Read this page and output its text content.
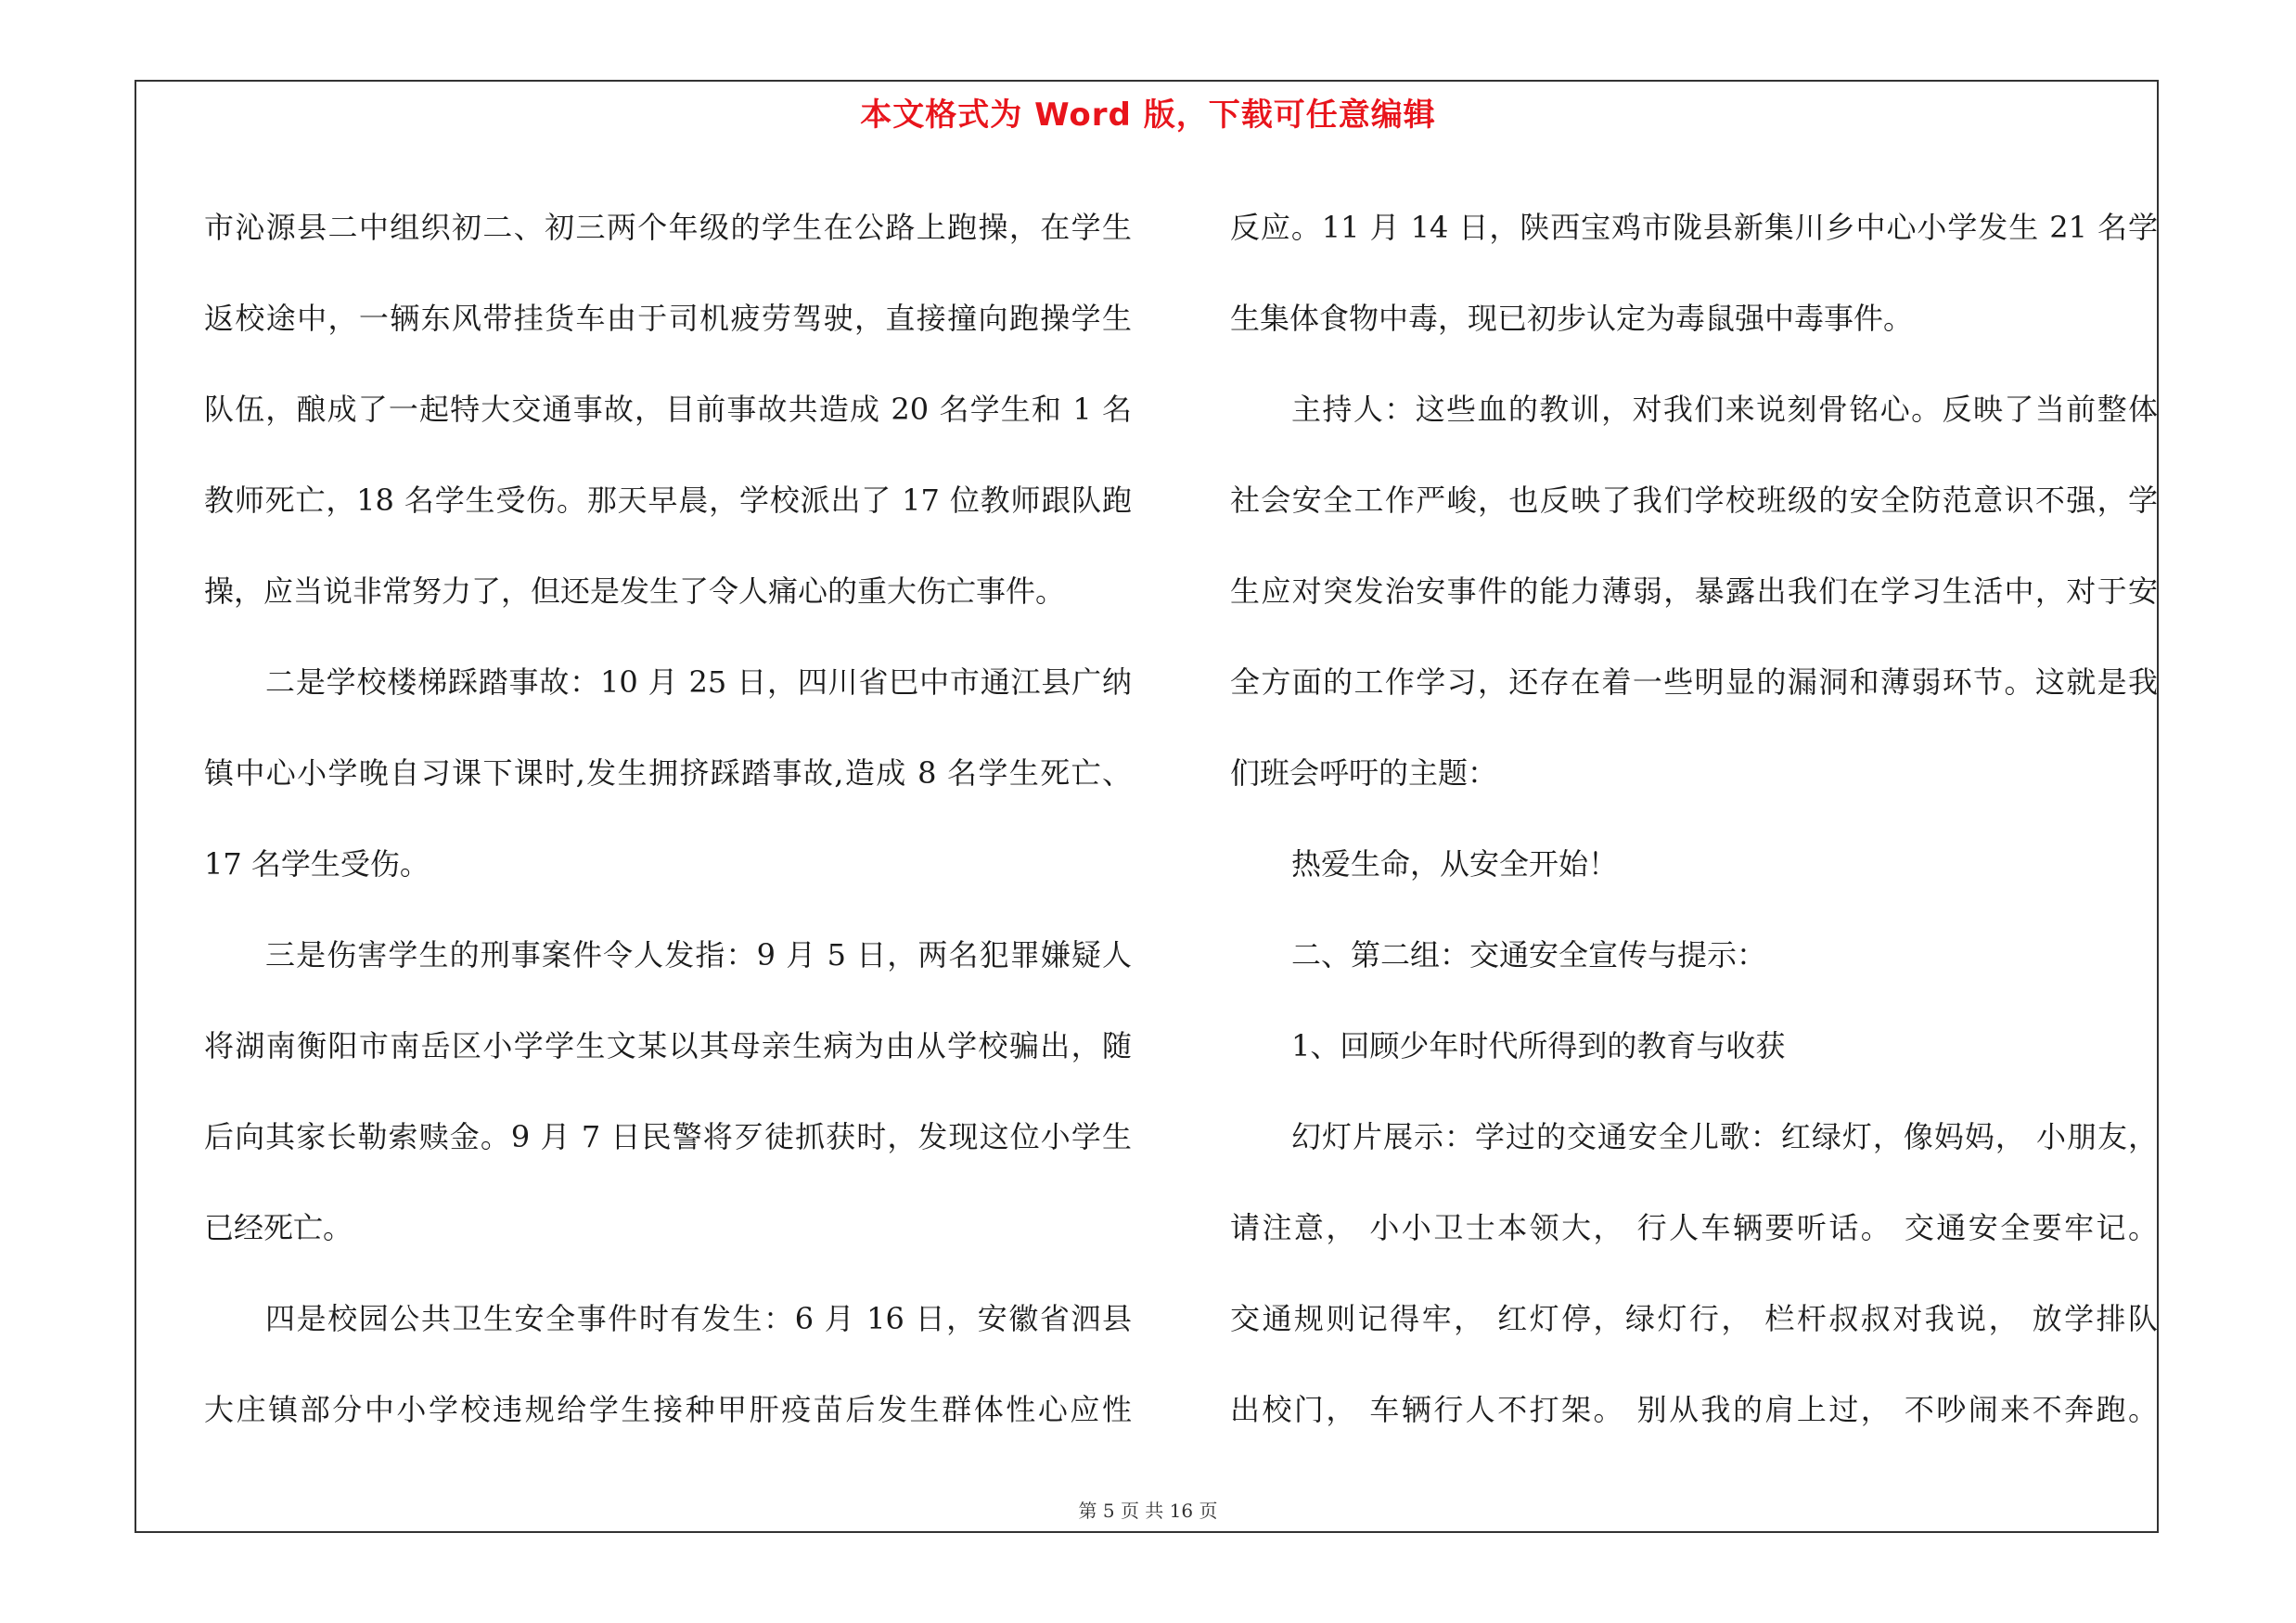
本文格式为 Word 版，下载可任意编辑
市沁源县二中组织初二、初三两个年级的学生在公路上跑操，在学生
返校途中，一辆东风带挂货车由于司机疲劳驾驶，直接撞向跑操学生
队伍，酿成了一起特大交通事故，目前事故共造成 20 名学生和 1 名
教师死亡，18 名学生受伤。那天早晨，学校派出了 17 位教师跟队跑
操，应当说非常努力了，但还是发生了令人痛心的重大伤亡事件。
二是学校楼梯踩踏事故：10 月 25 日，四川省巴中市通江县广纳
镇中心小学晚自习课下课时,发生拥挤踩踏事故,造成 8 名学生死亡、
17 名学生受伤。
三是伤害学生的刑事案件令人发指：9 月 5 日，两名犯罪嫌疑人
将湖南衡阳市南岳区小学学生文某以其母亲生病为由从学校骗出，随
后向其家长勒索赎金。9 月 7 日民警将歹徒抓获时，发现这位小学生
已经死亡。
四是校园公共卫生安全事件时有发生：6 月 16 日，安徽省泗县
大庄镇部分中小学校违规给学生接种甲肝疫苗后发生群体性心应性
反应。11 月 14 日，陕西宝鸡市陇县新集川乡中心小学发生 21 名学
生集体食物中毒，现已初步认定为毒鼠强中毒事件。
主持人：这些血的教训，对我们来说刻骨铭心。反映了当前整体
社会安全工作严峻，也反映了我们学校班级的安全防范意识不强，学
生应对突发治安事件的能力薄弱，暴露出我们在学习生活中，对于安
全方面的工作学习，还存在着一些明显的漏洞和薄弱环节。这就是我
们班会呼吁的主题：
热爱生命，从安全开始！
二、第二组：交通安全宣传与提示：
1、回顾少年时代所得到的教育与收获
幻灯片展示：学过的交通安全儿歌：红绿灯，像妈妈， 小朋友，
请注意， 小小卫士本领大， 行人车辆要听话。 交通安全要牢记。
交通规则记得牢， 红灯停，绿灯行， 栏杆叔叔对我说， 放学排队
出校门， 车辆行人不打架。 别从我的肩上过， 不吵闹来不奔跑。
第 5 页 共 16 页
